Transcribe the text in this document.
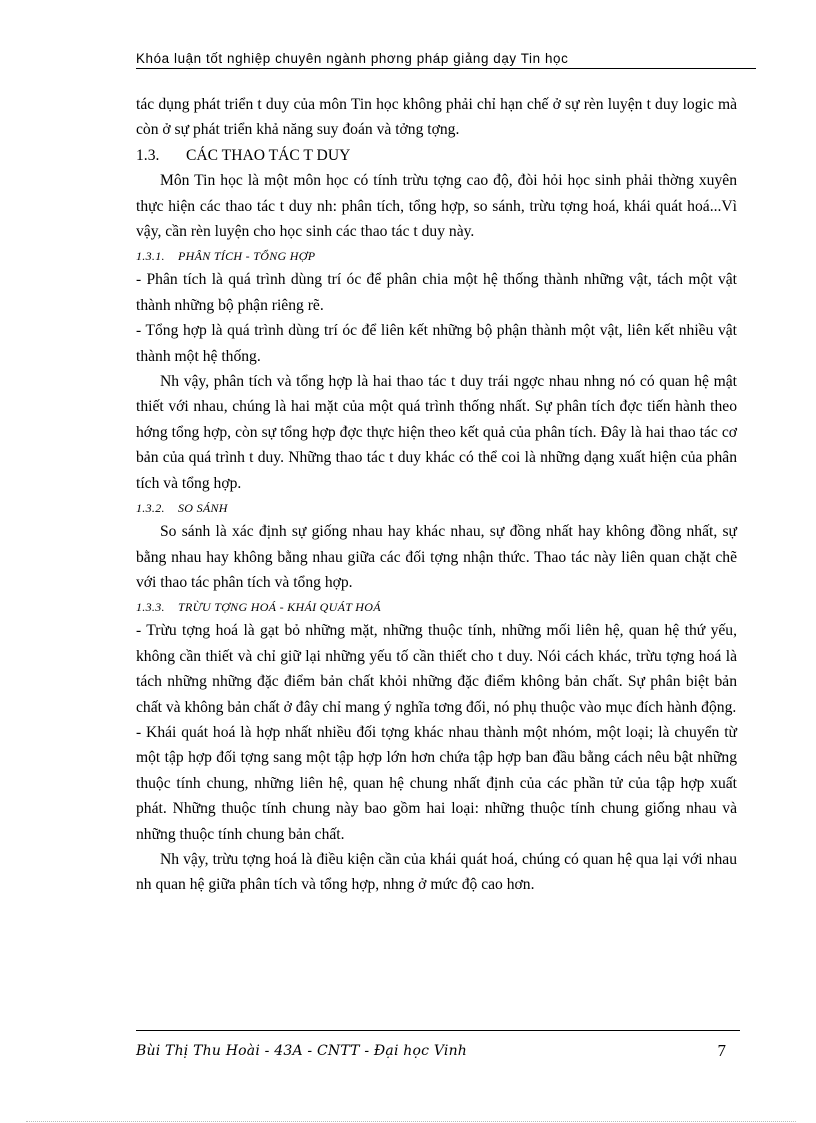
Khóa luận tốt nghiệp chuyên ngành phơng pháp giảng dạy Tin học

tác dụng phát triển t duy của môn Tin học không phải chỉ hạn chế ở sự rèn luyện t duy logic mà còn ở sự phát triển khả năng suy đoán và tởng tợng.

1.3. CÁC THAO TÁC T DUY

Môn Tin học là một môn học có tính trừu tợng cao độ, đòi hỏi học sinh phải thờng xuyên thực hiện các thao tác t duy nh: phân tích, tổng hợp, so sánh, trừu tợng hoá, khái quát hoá...Vì vậy, cần rèn luyện cho học sinh các thao tác t duy này.

1.3.1. PHÂN TÍCH - TỔNG HỢP

- Phân tích là quá trình dùng trí óc để phân chia một hệ thống thành những vật, tách một vật thành những bộ phận riêng rẽ.

- Tổng hợp là quá trình dùng trí óc để liên kết những bộ phận thành một vật, liên kết nhiều vật thành một hệ thống.

Nh vậy, phân tích và tổng hợp là hai thao tác t duy trái ngợc nhau nhng nó có quan hệ mật thiết với nhau, chúng là hai mặt của một quá trình thống nhất. Sự phân tích đợc tiến hành theo hớng tổng hợp, còn sự tổng hợp đợc thực hiện theo kết quả của phân tích. Đây là hai thao tác cơ bản của quá trình t duy. Những thao tác t duy khác có thể coi là những dạng xuất hiện của phân tích và tổng hợp.

1.3.2. SO SÁNH

So sánh là xác định sự giống nhau hay khác nhau, sự đồng nhất hay không đồng nhất, sự bằng nhau hay không bằng nhau giữa các đối tợng nhận thức. Thao tác này liên quan chặt chẽ với thao tác phân tích và tổng hợp.

1.3.3. TRỪU TỢNG HOÁ - KHÁI QUÁT HOÁ

- Trừu tợng hoá là gạt bỏ những mặt, những thuộc tính, những mối liên hệ, quan hệ thứ yếu, không cần thiết và chỉ giữ lại những yếu tố cần thiết cho t duy. Nói cách khác, trừu tợng hoá là tách những những đặc điểm bản chất khỏi những đặc điểm không bản chất. Sự phân biệt bản chất và không bản chất ở đây chỉ mang ý nghĩa tơng đối, nó phụ thuộc vào mục đích hành động.

- Khái quát hoá là hợp nhất nhiều đối tợng khác nhau thành một nhóm, một loại; là chuyển từ một tập hợp đối tợng sang một tập hợp lớn hơn chứa tập hợp ban đầu bằng cách nêu bật những thuộc tính chung, những liên hệ, quan hệ chung nhất định của các phần tử của tập hợp xuất phát. Những thuộc tính chung này bao gồm hai loại: những thuộc tính chung giống nhau và những thuộc tính chung bản chất.

Nh vậy, trừu tợng hoá là điều kiện cần của khái quát hoá, chúng có quan hệ qua lại với nhau nh quan hệ giữa phân tích và tổng hợp, nhng ở mức độ cao hơn.

Bùi Thị Thu Hoài - 43A - CNTT - Đại học Vinh	7
